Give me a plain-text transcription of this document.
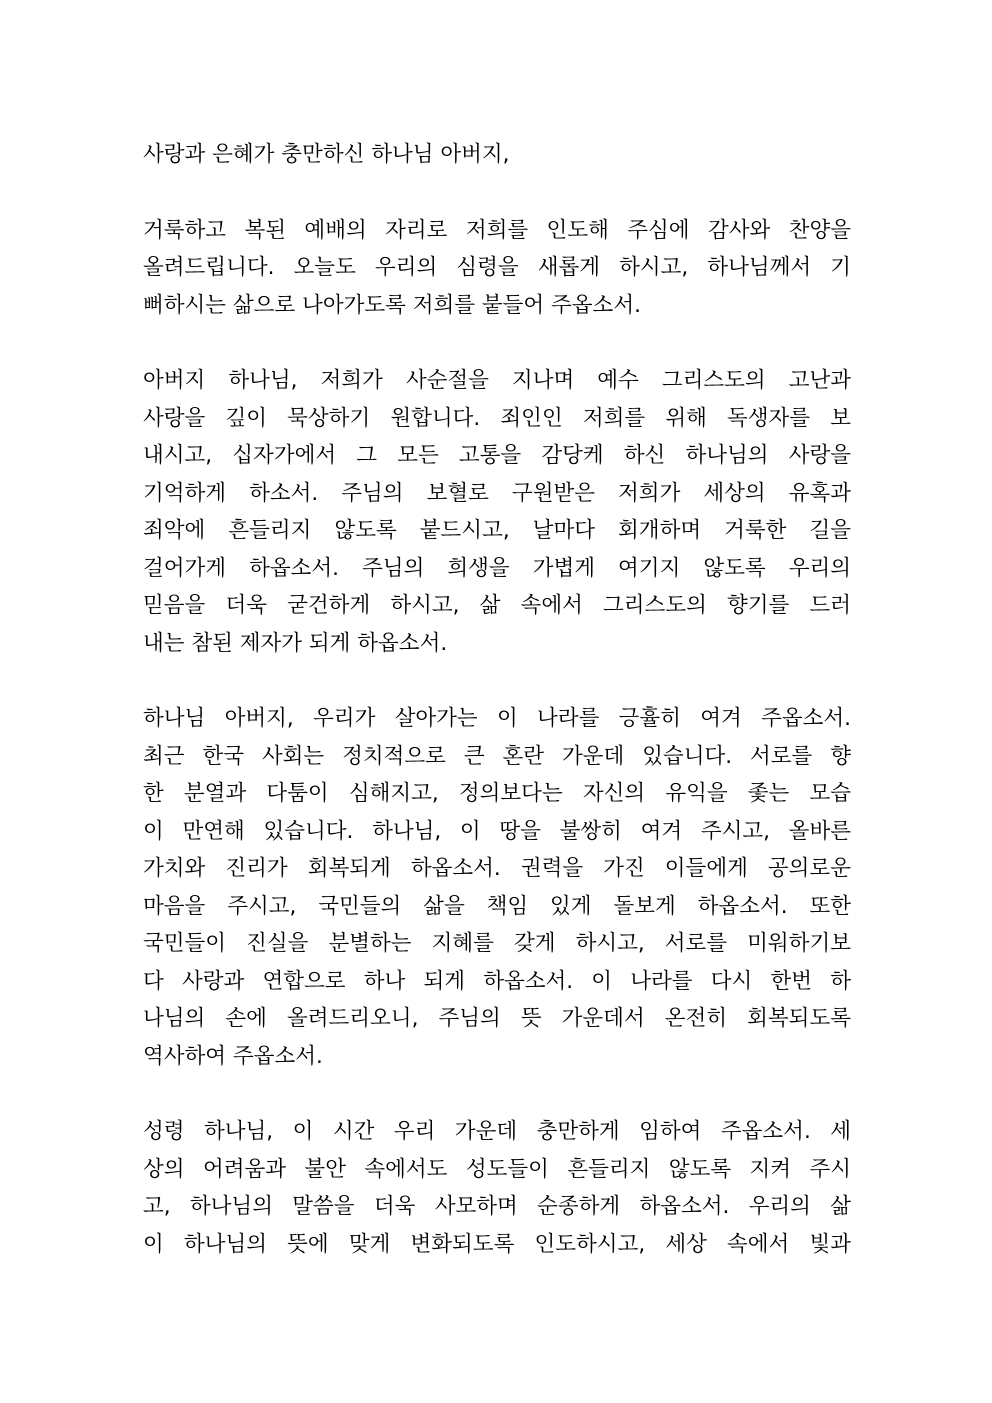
사랑과 은혜가 충만하신 하나님 아버지,
거룩하고 복된 예배의 자리로 저희를 인도해 주심에 감사와 찬양을
올려드립니다. 오늘도 우리의 심령을 새롭게 하시고, 하나님께서 기
뻐하시는 삶으로 나아가도록 저희를 붙들어 주옵소서.
아버지 하나님, 저희가 사순절을 지나며 예수 그리스도의 고난과
사랑을 깊이 묵상하기 원합니다. 죄인인 저희를 위해 독생자를 보
내시고, 십자가에서 그 모든 고통을 감당케 하신 하나님의 사랑을
기억하게 하소서. 주님의 보혈로 구원받은 저희가 세상의 유혹과
죄악에 흔들리지 않도록 붙드시고, 날마다 회개하며 거룩한 길을
걸어가게 하옵소서. 주님의 희생을 가볍게 여기지 않도록 우리의
믿음을 더욱 굳건하게 하시고, 삶 속에서 그리스도의 향기를 드러
내는 참된 제자가 되게 하옵소서.
하나님 아버지, 우리가 살아가는 이 나라를 긍휼히 여겨 주옵소서.
최근 한국 사회는 정치적으로 큰 혼란 가운데 있습니다. 서로를 향
한 분열과 다툼이 심해지고, 정의보다는 자신의 유익을 좇는 모습
이 만연해 있습니다. 하나님, 이 땅을 불쌍히 여겨 주시고, 올바른
가치와 진리가 회복되게 하옵소서. 권력을 가진 이들에게 공의로운
마음을 주시고, 국민들의 삶을 책임 있게 돌보게 하옵소서. 또한
국민들이 진실을 분별하는 지혜를 갖게 하시고, 서로를 미워하기보
다 사랑과 연합으로 하나 되게 하옵소서. 이 나라를 다시 한번 하
나님의 손에 올려드리오니, 주님의 뜻 가운데서 온전히 회복되도록
역사하여 주옵소서.
성령 하나님, 이 시간 우리 가운데 충만하게 임하여 주옵소서. 세
상의 어려움과 불안 속에서도 성도들이 흔들리지 않도록 지켜 주시
고, 하나님의 말씀을 더욱 사모하며 순종하게 하옵소서. 우리의 삶
이 하나님의 뜻에 맞게 변화되도록 인도하시고, 세상 속에서 빛과
